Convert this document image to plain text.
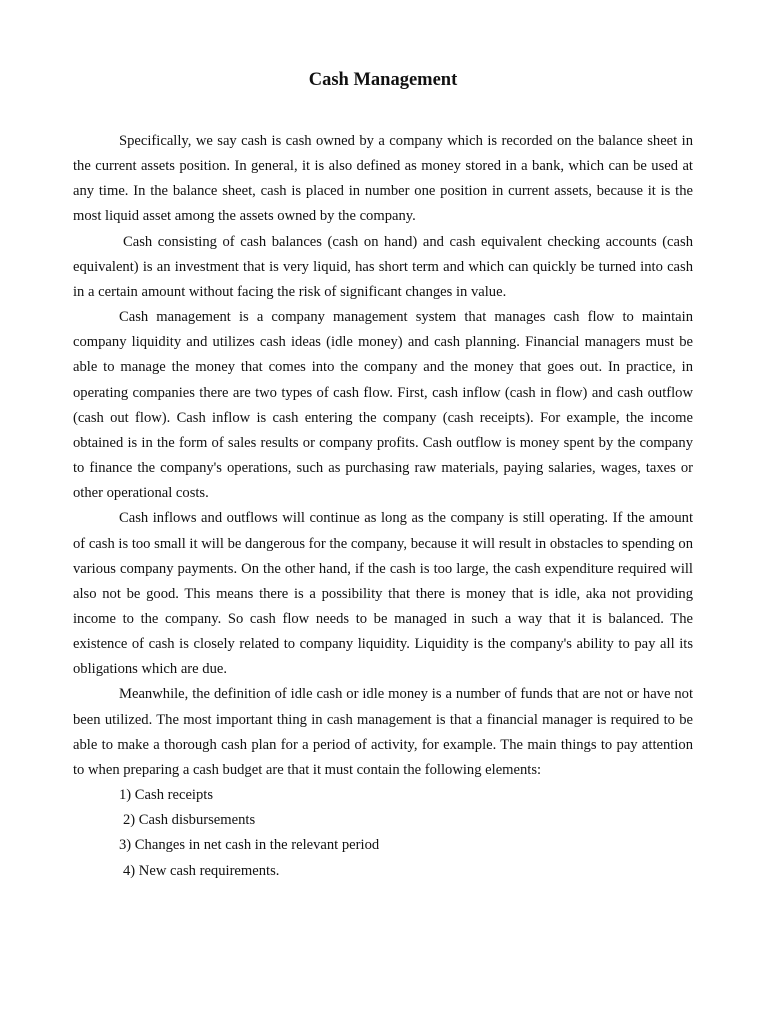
Cash Management

Specifically, we say cash is cash owned by a company which is recorded on the balance sheet in the current assets position. In general, it is also defined as money stored in a bank, which can be used at any time. In the balance sheet, cash is placed in number one position in current assets, because it is the most liquid asset among the assets owned by the company.

Cash consisting of cash balances (cash on hand) and cash equivalent checking accounts (cash equivalent) is an investment that is very liquid, has short term and which can quickly be turned into cash in a certain amount without facing the risk of significant changes in value.

Cash management is a company management system that manages cash flow to maintain company liquidity and utilizes cash ideas (idle money) and cash planning. Financial managers must be able to manage the money that comes into the company and the money that goes out. In practice, in operating companies there are two types of cash flow. First, cash inflow (cash in flow) and cash outflow (cash out flow). Cash inflow is cash entering the company (cash receipts). For example, the income obtained is in the form of sales results or company profits. Cash outflow is money spent by the company to finance the company's operations, such as purchasing raw materials, paying salaries, wages, taxes or other operational costs.

Cash inflows and outflows will continue as long as the company is still operating. If the amount of cash is too small it will be dangerous for the company, because it will result in obstacles to spending on various company payments. On the other hand, if the cash is too large, the cash expenditure required will also not be good. This means there is a possibility that there is money that is idle, aka not providing income to the company. So cash flow needs to be managed in such a way that it is balanced. The existence of cash is closely related to company liquidity. Liquidity is the company's ability to pay all its obligations which are due.

Meanwhile, the definition of idle cash or idle money is a number of funds that are not or have not been utilized. The most important thing in cash management is that a financial manager is required to be able to make a thorough cash plan for a period of activity, for example. The main things to pay attention to when preparing a cash budget are that it must contain the following elements:

1) Cash receipts
2) Cash disbursements
3) Changes in net cash in the relevant period
4) New cash requirements.
